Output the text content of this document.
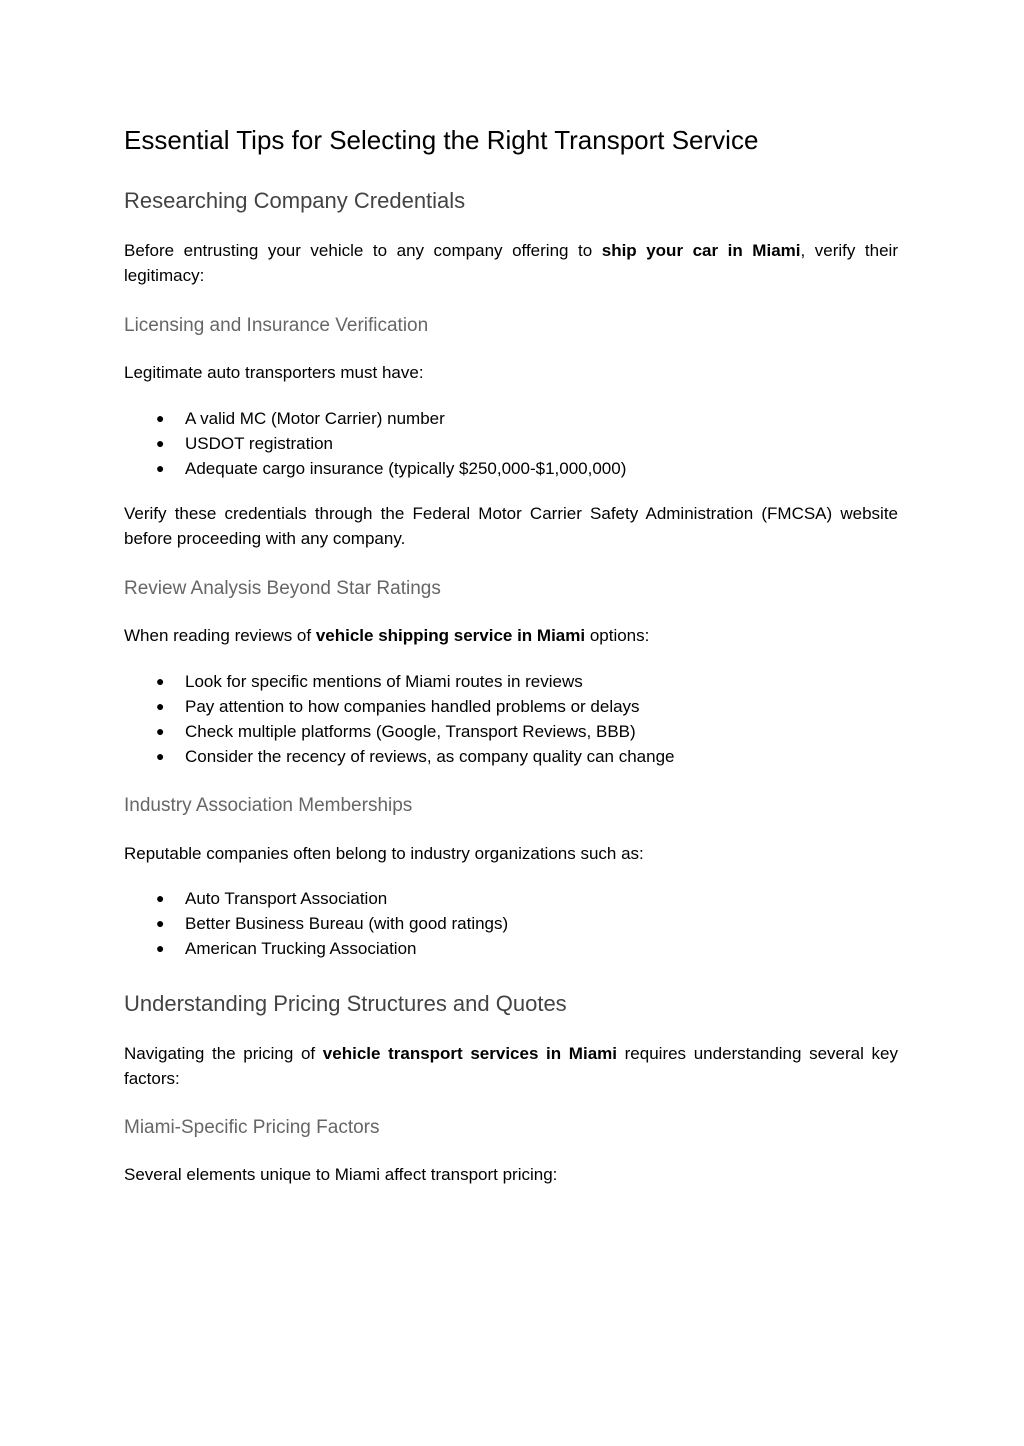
Essential Tips for Selecting the Right Transport Service
Researching Company Credentials

Before entrusting your vehicle to any company offering to ship your car in Miami, verify their legitimacy:

Licensing and Insurance Verification

Legitimate auto transporters must have:

● A valid MC (Motor Carrier) number
● USDOT registration
● Adequate cargo insurance (typically $250,000-$1,000,000)

Verify these credentials through the Federal Motor Carrier Safety Administration (FMCSA) website before proceeding with any company.

Review Analysis Beyond Star Ratings

When reading reviews of vehicle shipping service in Miami options:

● Look for specific mentions of Miami routes in reviews
● Pay attention to how companies handled problems or delays
● Check multiple platforms (Google, Transport Reviews, BBB)
● Consider the recency of reviews, as company quality can change
Industry Association Memberships

Reputable companies often belong to industry organizations such as:

● Auto Transport Association
● Better Business Bureau (with good ratings)
● American Trucking Association
Understanding Pricing Structures and Quotes

Navigating the pricing of vehicle transport services in Miami requires understanding several key factors:

Miami-Specific Pricing Factors

Several elements unique to Miami affect transport pricing:
